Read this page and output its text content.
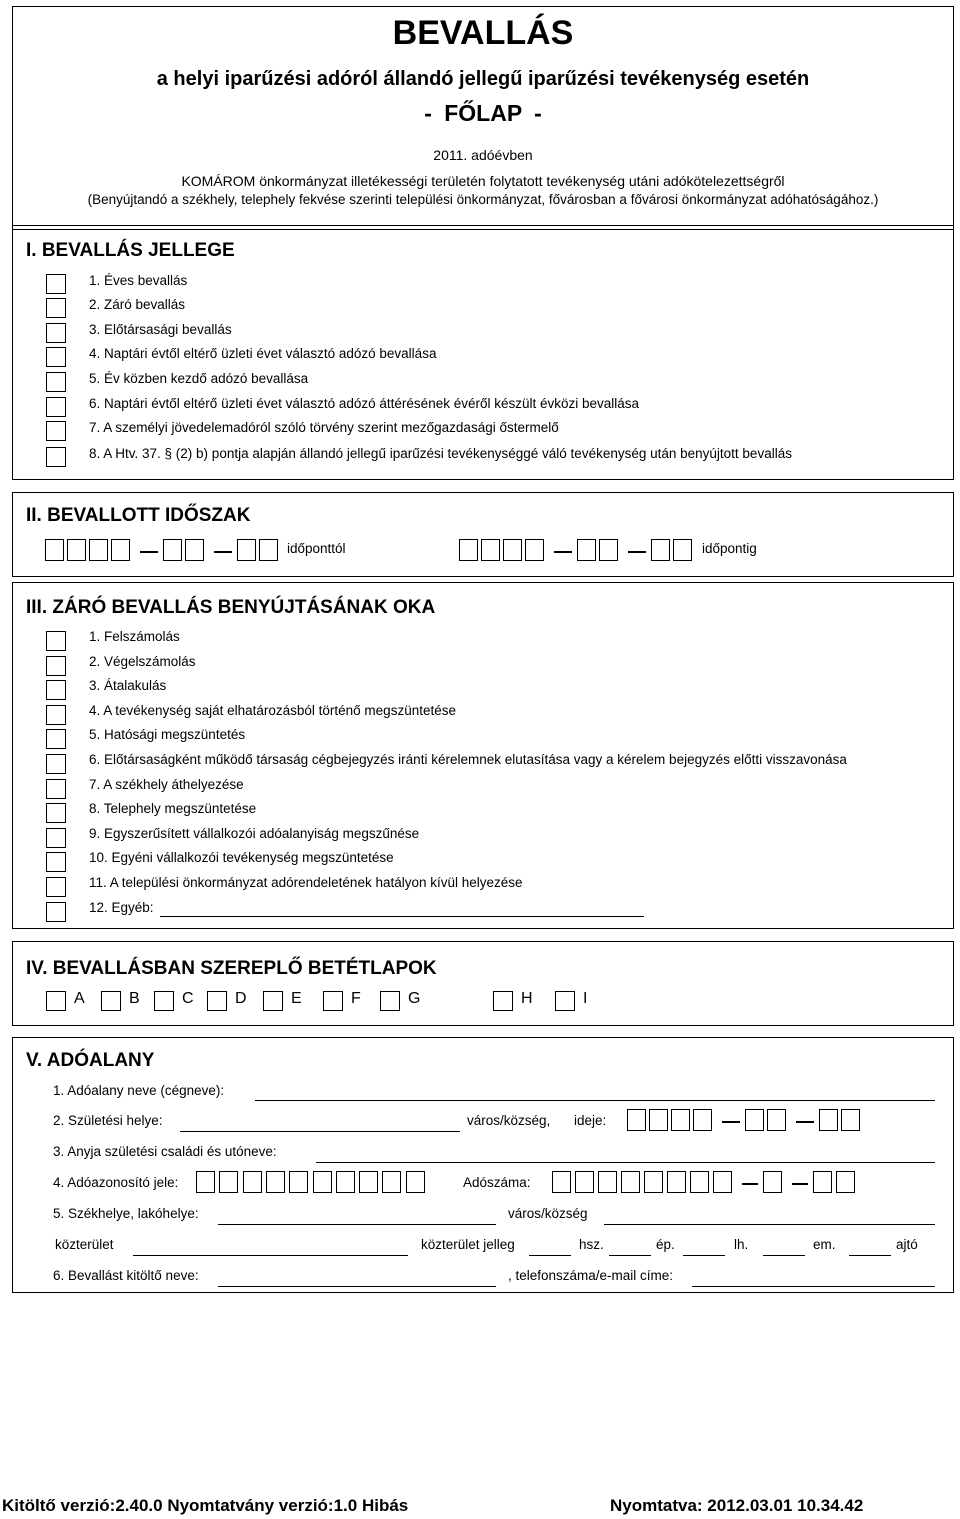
BEVALLÁS
a helyi iparűzési adóról állandó jellegű iparűzési tevékenység esetén
- FŐLAP -
2011. adóévben
KOMÁROM önkormányzat illetékességi területén folytatott tevékenység utáni adókötelezettségről
(Benyújtandó a székhely, telephely fekvése szerinti települési önkormányzat, fővárosban a fővárosi önkormányzat adóhatóságához.)
I. BEVALLÁS JELLEGE
1. Éves bevallás
2. Záró bevallás
3. Előtársasági bevallás
4. Naptári évtől eltérő üzleti évet választó adózó bevallása
5. Év közben kezdő adózó bevallása
6. Naptári évtől eltérő üzleti évet választó adózó áttérésének évéről készült évközi bevallása
7. A személyi jövedelemadóról szóló törvény szerint mezőgazdasági őstermelő
8. A Htv. 37. § (2) b) pontja alapján állandó jellegű iparűzési tevékenységgé váló tevékenység után benyújtott bevallás
II. BEVALLOTT IDŐSZAK
időponttól	időpontig
III. ZÁRÓ BEVALLÁS BENYÚJTÁSÁNAK OKA
1. Felszámolás
2. Végelszámolás
3. Átalakulás
4. A tevékenység saját elhatározásból történő megszüntetése
5. Hatósági megszüntetés
6. Előtársaságként működő társaság cégbejegyzés iránti kérelemnek elutasítása vagy a kérelem bejegyzés előtti visszavonása
7. A székhely áthelyezése
8. Telephely megszüntetése
9. Egyszerűsített vállalkozói adóalanyiság megszűnése
10. Egyéni vállalkozói tevékenység megszüntetése
11. A települési önkormányzat adórendeletének hatályon kívül helyezése
12. Egyéb:
IV. BEVALLÁSBAN SZEREPLŐ BETÉTLAPOK
A	B	C	D	E	F	G	H	I
V. ADÓALANY
1. Adóalany neve (cégneve):
2. Születési helye:	város/község, ideje:
3. Anyja születési családi és utóneve:
4. Adóazonosító jele:	Adószáma:
5. Székhelye, lakóhelye:	város/község
közterület	közterület jelleg	hsz.	ép.	lh.	em.	ajtó
6. Bevallást kitöltő neve:	, telefonszáma/e-mail címe:
Kitöltő verzió:2.40.0 Nyomtatvány verzió:1.0 Hibás	Nyomtatva: 2012.03.01 10.34.42
